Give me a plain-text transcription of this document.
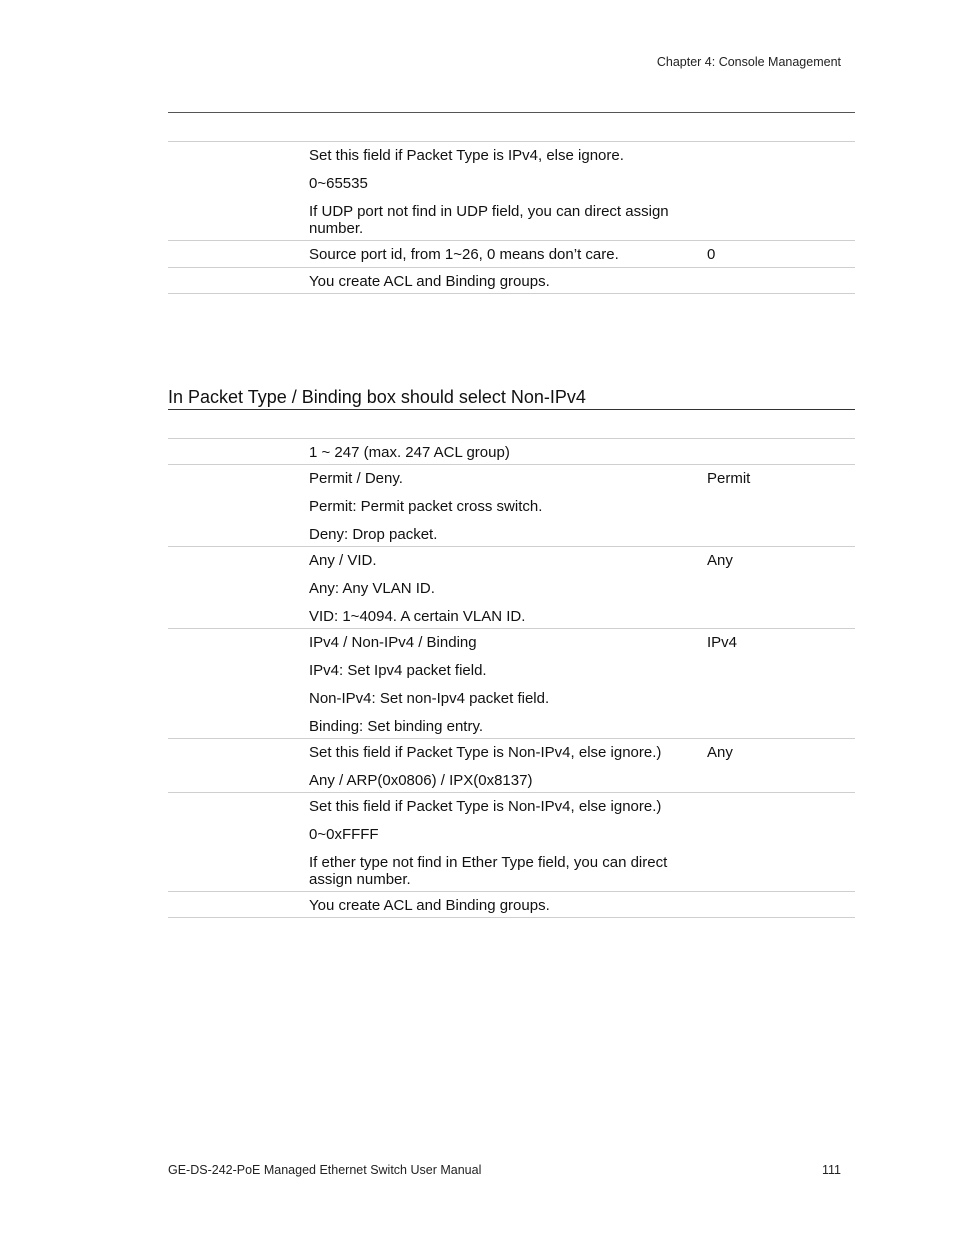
Chapter 4: Console Management
Set this field if Packet Type is IPv4, else ignore.
0~65535
If UDP port not find in UDP field, you can direct assign number.
Source port id, from 1~26, 0 means don’t care.	0
You create ACL and Binding groups.
In Packet Type / Binding box should select Non-IPv4
1 ~ 247 (max. 247 ACL group)
Permit / Deny.
Permit: Permit packet cross switch.
Deny: Drop packet.
Permit
Any / VID.
Any: Any VLAN ID.
VID: 1~4094. A certain VLAN ID.
Any
IPv4 / Non-IPv4 / Binding
IPv4: Set Ipv4 packet field.
Non-IPv4: Set non-Ipv4 packet field.
Binding: Set binding entry.
IPv4
Set this field if Packet Type is Non-IPv4, else ignore.)
Any / ARP(0x0806) / IPX(0x8137)
Any
Set this field if Packet Type is Non-IPv4, else ignore.)
0~0xFFFF
If ether type not find in Ether Type field, you can direct assign number.
You create ACL and Binding groups.
GE-DS-242-PoE Managed Ethernet Switch User Manual	111
